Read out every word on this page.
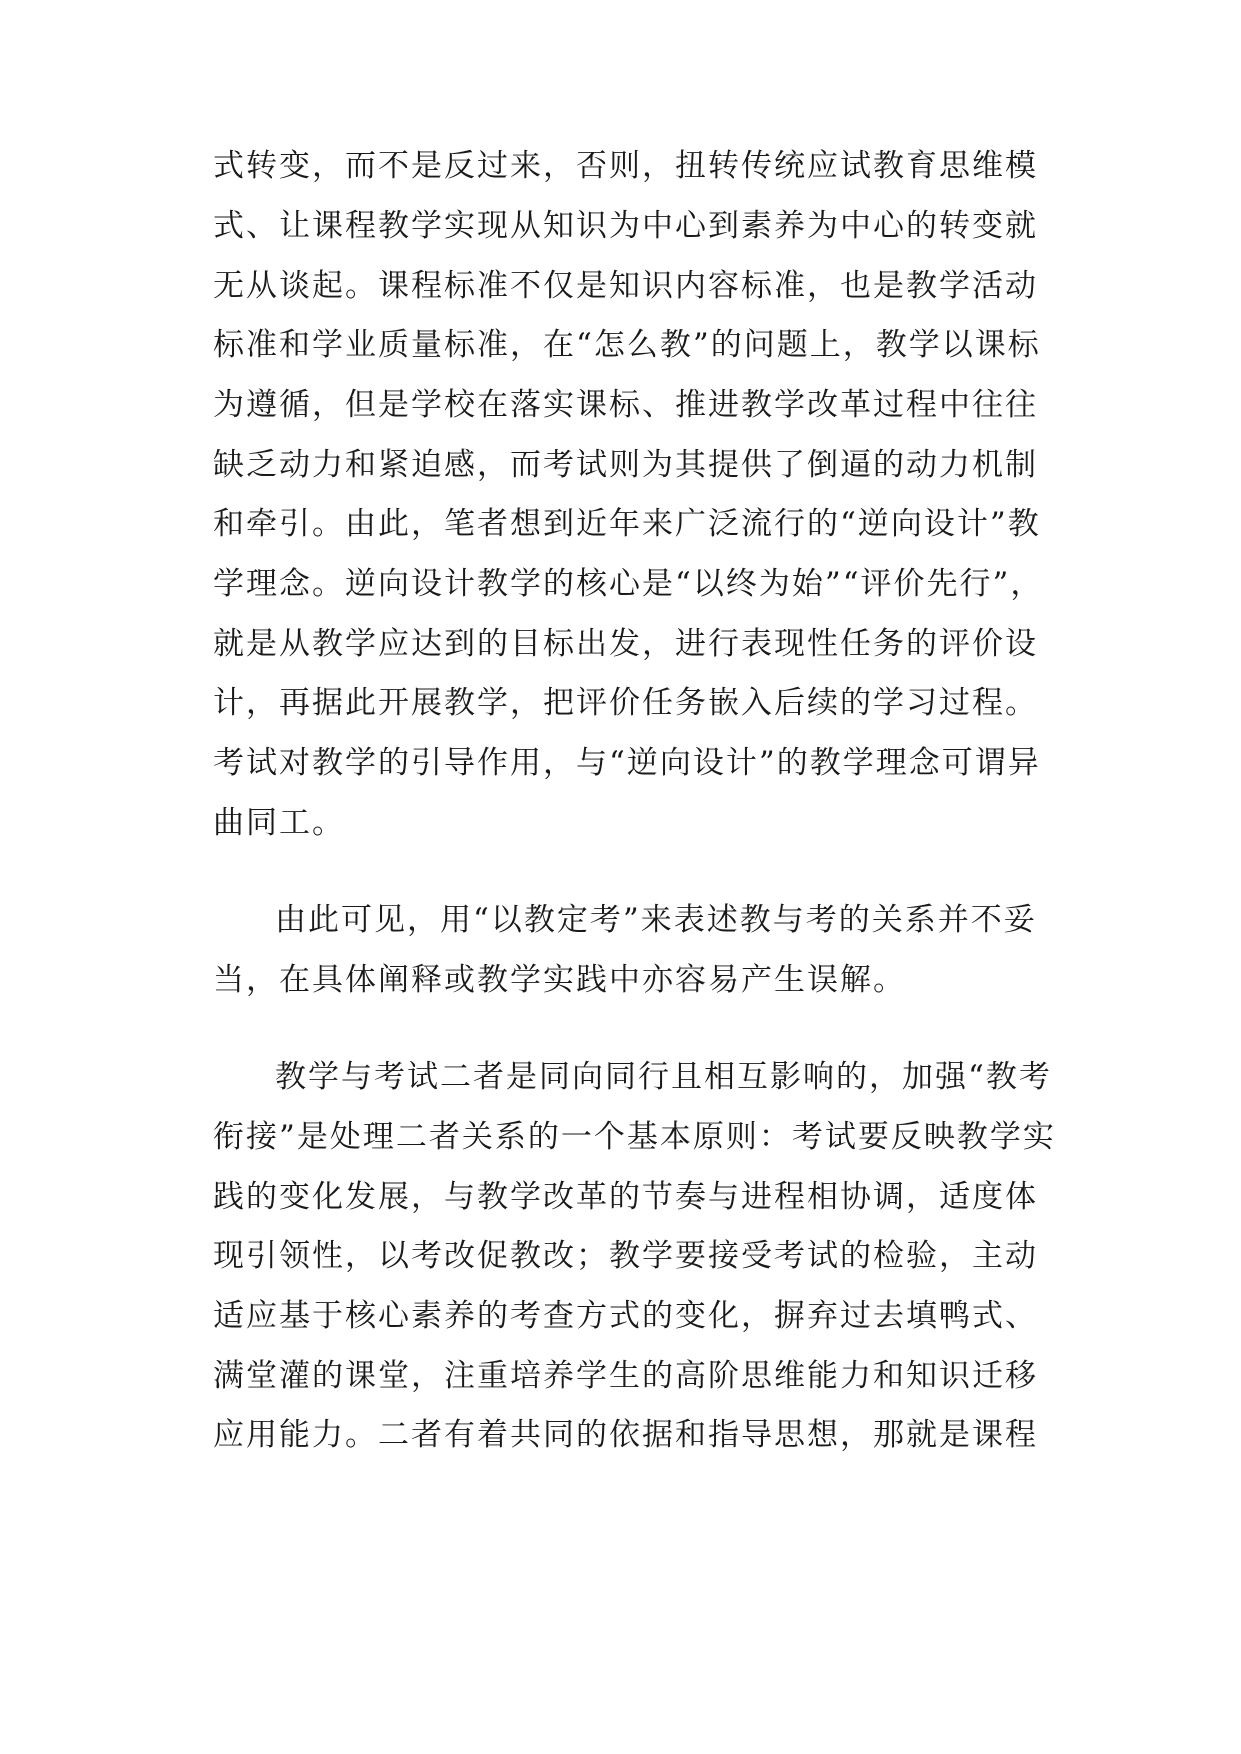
式转变，而不是反过来，否则，扭转传统应试教育思维模
式、让课程教学实现从知识为中心到素养为中心的转变就
无从谈起。课程标准不仅是知识内容标准，也是教学活动
标准和学业质量标准，在“怎么教”的问题上，教学以课标
为遵循，但是学校在落实课标、推进教学改革过程中往往
缺乏动力和紧迫感，而考试则为其提供了倒逼的动力机制
和牵引。由此，笔者想到近年来广泛流行的“逆向设计”教
学理念。逆向设计教学的核心是“以终为始”“评价先行”，
就是从教学应达到的目标出发，进行表现性任务的评价设
计，再据此开展教学，把评价任务嵌入后续的学习过程。
考试对教学的引导作用，与“逆向设计”的教学理念可谓异
曲同工。
由此可见，用“以教定考”来表述教与考的关系并不妥
当，在具体阐释或教学实践中亦容易产生误解。
教学与考试二者是同向同行且相互影响的，加强“教考
衔接”是处理二者关系的一个基本原则：考试要反映教学实
践的变化发展，与教学改革的节奏与进程相协调，适度体
现引领性，以考改促教改；教学要接受考试的检验，主动
适应基于核心素养的考查方式的变化，摒弃过去填鸭式、
满堂灌的课堂，注重培养学生的高阶思维能力和知识迁移
应用能力。二者有着共同的依据和指导思想，那就是课程
